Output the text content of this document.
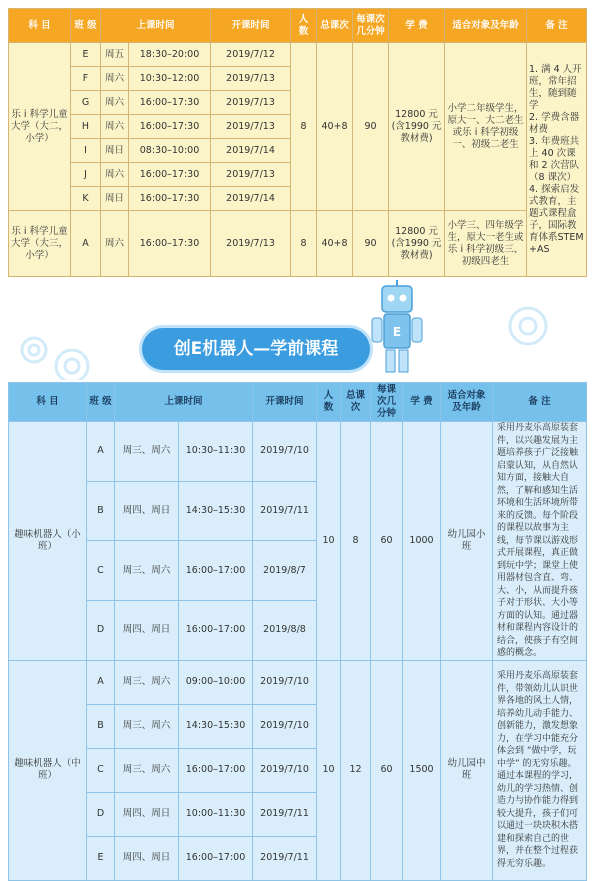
科 目	班 级	上课时间		开课时间	人 数	总课次	每课次几分钟	学 费	适合对象及年龄	备 注
乐 i 科学儿童大学（大二，小学）	E	周五	18:30–20:00	2019/7/12	8	40+8	90	12800 元(含1990 元教材费)	小学二年级学生，原大一、大二老生或乐 i 科学初级一、初级二老生	1. 满 4 人开班，常年招生，随到随学
2. 学费含器材费
3. 年费班共上 40 次课和 2 次营队（8 课次）
4. 探索启发式教育，主题式课程盒子，国际教育体系STEM+AS
	F	周六	10:30–12:00	2019/7/13						
	G	周六	16:00–17:30	2019/7/13						
	H	周六	16:00–17:30	2019/7/13						
	I	周日	08:30–10:00	2019/7/14						
	J	周六	16:00–17:30	2019/7/13						
	K	周日	16:00–17:30	2019/7/14						
乐 i 科学儿童大学（大三，小学）	A	周六	16:00–17:30	2019/7/13	8	40+8	90	12800 元(含1990 元教材费)	小学三、四年级学生，原大一老生或乐 i 科学初级三、初级四老生	
E
创E机器人—学前课程
科 目	班 级	上课时间		开课时间	人 数	总课次	每课次几分钟	学 费	适合对象及年龄	备 注
趣味机器人（小班）	A	周三、周六	10:30–11:30	2019/7/10	10	8	60	1000	幼儿园小班	采用丹麦乐高原装套件，以兴趣发展为主题培养孩子广泛接触启蒙认知，从自然认知方面，接触大自然，了解和感知生活环境和生活环境所带来的反馈。每个阶段的课程以故事为主线，每节课以游戏形式开展课程，真正做到玩中学；课堂上使用器材包含直、弯、大、小，从而提升孩子对于形状、大小等方面的认知。通过器材和课程内容设计的结合，使孩子有空间感的概念。
	B	周四、周日	14:30–15:30	2019/7/11						
	C	周三、周六	16:00–17:00	2019/8/7						
	D	周四、周日	16:00–17:00	2019/8/8						
趣味机器人（中班）	A	周三、周六	09:00–10:00	2019/7/10	10	12	60	1500	幼儿园中班	采用丹麦乐高原装套件，带领幼儿认识世界各地的风土人情，培养幼儿动手能力、创新能力，激发想象力，在学习中能充分体会到 “做中学，玩中学” 的无穷乐趣。通过本课程的学习，幼儿的学习热情、创造力与协作能力得到较大提升，孩子们可以通过一块块积木搭建和探索自己的世界，并在整个过程获得无穷乐趣。
	B	周三、周六	14:30–15:30	2019/7/10						
	C	周三、周六	16:00–17:00	2019/7/10						
	D	周四、周日	10:00–11:30	2019/7/11						
	E	周四、周日	16:00–17:00	2019/7/11						
